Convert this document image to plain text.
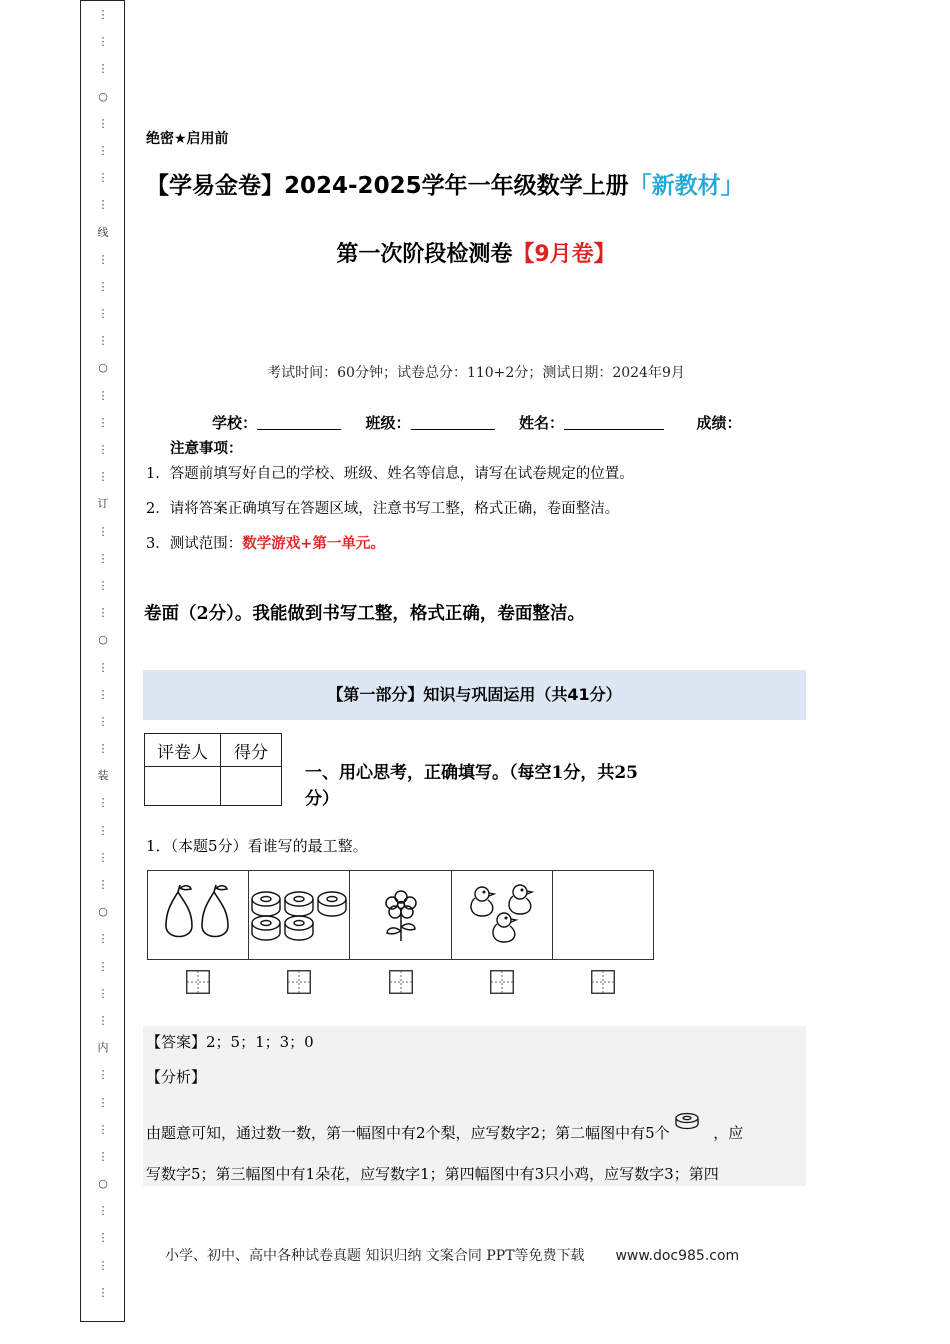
⋮
⋮
⋮
○
⋮
⋮
⋮
⋮
线
⋮
⋮
⋮
⋮
○
⋮
⋮
⋮
⋮
订
⋮
⋮
⋮
⋮
○
⋮
⋮
⋮
⋮
装
⋮
⋮
⋮
⋮
○
⋮
⋮
⋮
⋮
内
⋮
⋮
⋮
⋮
○
⋮
⋮
⋮
⋮
绝密★启用前
【学易金卷】2024-2025学年一年级数学上册「新教材」
第一次阶段检测卷【9月卷】
考试时间：60分钟；试卷总分：110+2分；测试日期：2024年9月
学校：	班级：	姓名：	成绩：
注意事项：
1．答题前填写好自己的学校、班级、姓名等信息，请写在试卷规定的位置。
2．请将答案正确填写在答题区域，注意书写工整，格式正确，卷面整洁。
3．测试范围：数学游戏+第一单元。
卷面（2分）。我能做到书写工整，格式正确，卷面整洁。
【第一部分】知识与巩固运用（共41分）
评卷人	得分

一、用心思考，正确填写。（每空1分，共25
分）
1．（本题5分）看谁写的最工整。
【答案】2；5；1；3；0
【分析】
由题意可知，通过数一数，第一幅图中有2个梨，应写数字2；第二幅图中有5个	，应
写数字5；第三幅图中有1朵花，应写数字1；第四幅图中有3只小鸡，应写数字3；第四
小学、初中、高中各种试卷真题 知识归纳 文案合同 PPT等免费下载 www.doc985.com
